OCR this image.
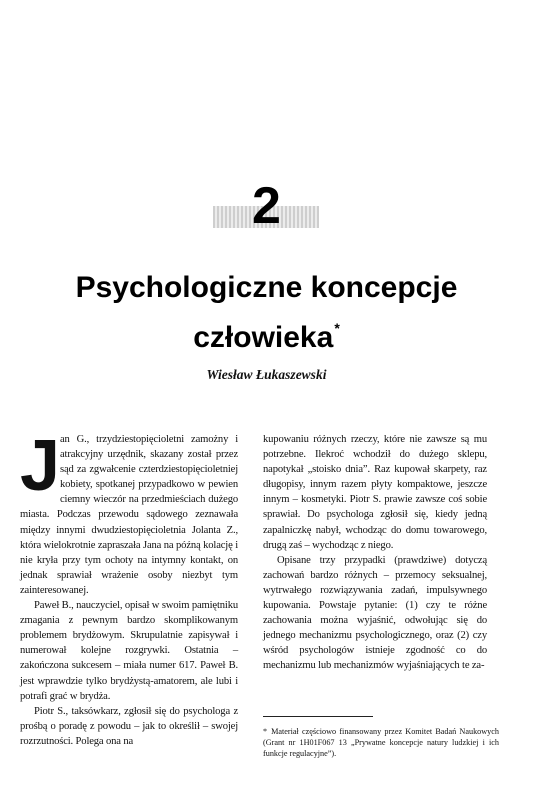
2
Psychologiczne koncepcje człowieka*
Wiesław Łukaszewski
J an G., trzydziestopięcioletni zamożny i atrakcyjny urzędnik, skazany został przez sąd za zgwałcenie czterdziestopięcioletniej kobiety, spotkanej przypadkowo w pewien ciemny wieczór na przedmieściach dużego miasta. Podczas przewodu sądowego zeznawała między innymi dwudziestopięcioletnia Jolanta Z., która wielokrotnie zapraszała Jana na późną kolację i nie kryła przy tym ochoty na intymny kontakt, on jednak sprawiał wrażenie osoby niezbyt tym zainteresowanej.

Paweł B., nauczyciel, opisał w swoim pamiętniku zmagania z pewnym bardzo skomplikowanym problemem brydżowym. Skrupulatnie zapisywał i numerował kolejne rozgrywki. Ostatnia – zakończona sukcesem – miała numer 617. Paweł B. jest wprawdzie tylko brydżystą-amatorem, ale lubi i potrafi grać w brydża.

Piotr S., taksówkarz, zgłosił się do psychologa z prośbą o poradę z powodu – jak to określił – swojej rozrzutności. Polega ona na

kupowaniu różnych rzeczy, które nie zawsze są mu potrzebne. Ilekroć wchodził do dużego sklepu, napotykał „stoisko dnia”. Raz kupował skarpety, raz długopisy, innym razem płyty kompaktowe, jeszcze innym – kosmetyki. Piotr S. prawie zawsze coś sobie sprawiał. Do psychologa zgłosił się, kiedy jedną zapalniczkę nabył, wchodząc do domu towarowego, drugą zaś – wychodząc z niego.

Opisane trzy przypadki (prawdziwe) dotyczą zachowań bardzo różnych – przemocy seksualnej, wytrwałego rozwiązywania zadań, impulsywnego kupowania. Powstaje pytanie: (1) czy te różne zachowania można wyjaśnić, odwołując się do jednego mechanizmu psychologicznego, oraz (2) czy wśród psychologów istnieje zgodność co do mechanizmu lub mechanizmów wyjaśniających te za-

* Materiał częściowo finansowany przez Komitet Badań Naukowych (Grant nr 1H01F067 13 „Prywatne koncepcje natury ludzkiej i ich funkcje regulacyjne”).
